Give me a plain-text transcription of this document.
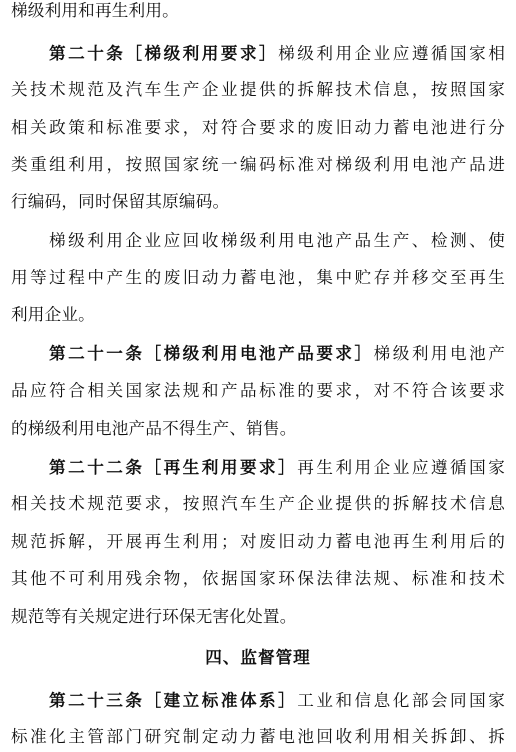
梯级利用和再生利用。
第二十条［梯级利用要求］梯级利用企业应遵循国家相
关技术规范及汽车生产企业提供的拆解技术信息，按照国家
相关政策和标准要求，对符合要求的废旧动力蓄电池进行分
类重组利用，按照国家统一编码标准对梯级利用电池产品进
行编码，同时保留其原编码。
梯级利用企业应回收梯级利用电池产品生产、检测、使
用等过程中产生的废旧动力蓄电池，集中贮存并移交至再生
利用企业。
第二十一条［梯级利用电池产品要求］梯级利用电池产
品应符合相关国家法规和产品标准的要求，对不符合该要求
的梯级利用电池产品不得生产、销售。
第二十二条［再生利用要求］再生利用企业应遵循国家
相关技术规范要求，按照汽车生产企业提供的拆解技术信息
规范拆解，开展再生利用；对废旧动力蓄电池再生利用后的
其他不可利用残余物，依据国家环保法律法规、标准和技术
规范等有关规定进行环保无害化处置。
四、监督管理
第二十三条［建立标准体系］工业和信息化部会同国家
标准化主管部门研究制定动力蓄电池回收利用相关拆卸、拆
